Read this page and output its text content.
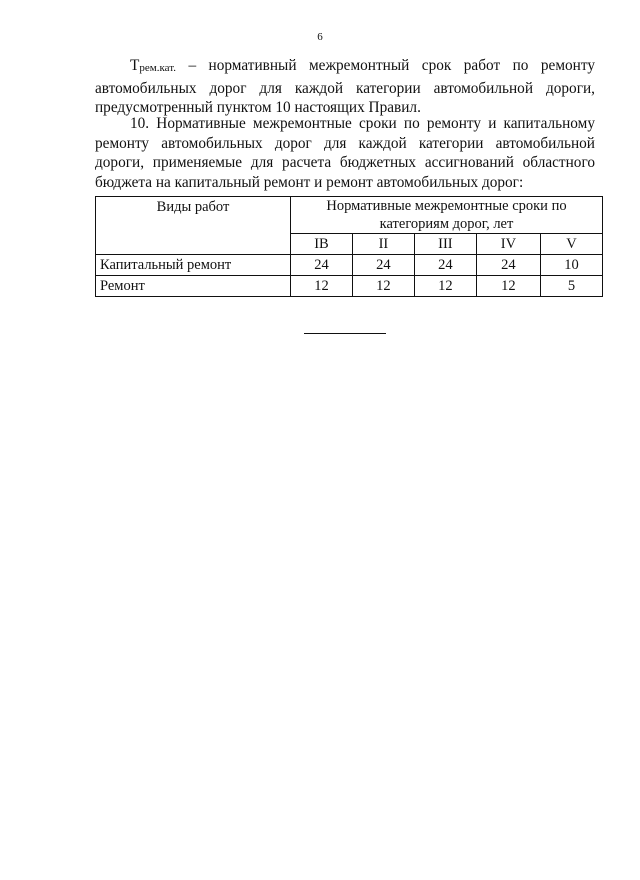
6
$Т_{рем.кат.}$ – нормативный межремонтный срок работ по ремонту автомобильных дорог для каждой категории автомобильной дороги, предусмотренный пунктом 10 настоящих Правил.
10. Нормативные межремонтные сроки по ремонту и капитальному ремонту автомобильных дорог для каждой категории автомобильной дороги, применяемые для расчета бюджетных ассигнований областного бюджета на капитальный ремонт и ремонт автомобильных дорог:
Виды работ	Нормативные межремонтные сроки по категориям дорог, лет				
	IB	II	III	IV	V
Капитальный ремонт	24	24	24	24	10
Ремонт	12	12	12	12	5
